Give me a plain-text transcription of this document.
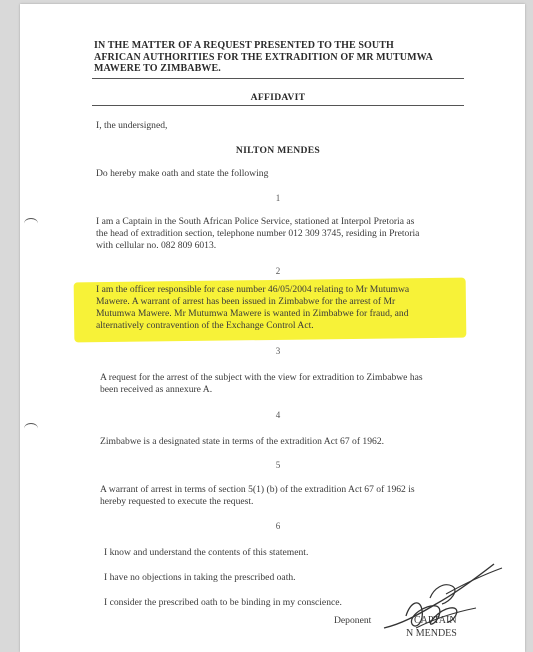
IN THE MATTER OF A REQUEST PRESENTED TO THE SOUTH
AFRICAN AUTHORITIES FOR THE EXTRADITION OF MR MUTUMWA
MAWERE TO ZIMBABWE.
AFFIDAVIT
I, the undersigned,
NILTON MENDES
Do hereby make oath and state the following
1
I am a Captain in the South African Police Service, stationed at Interpol Pretoria as
the head of extradition section, telephone number 012 309 3745, residing in Pretoria
with cellular no. 082 809 6013.
2
I am the officer responsible for case number 46/05/2004 relating to Mr Mutumwa
Mawere. A warrant of arrest has been issued in Zimbabwe for the arrest of Mr
Mutumwa Mawere. Mr Mutumwa Mawere is wanted in Zimbabwe for fraud, and
alternatively contravention of the Exchange Control Act.
3
A request for the arrest of the subject with the view for extradition to Zimbabwe has
been received as annexure A.
4
Zimbabwe is a designated state in terms of the extradition Act 67 of 1962.
5
A warrant of arrest in terms of section 5(1) (b) of the extradition Act 67 of 1962 is
hereby requested to execute the request.
6
I know and understand the contents of this statement.
I have no objections in taking the prescribed oath.
I consider the prescribed oath to be binding in my conscience.
Deponent	CAPTAIN
N MENDES
